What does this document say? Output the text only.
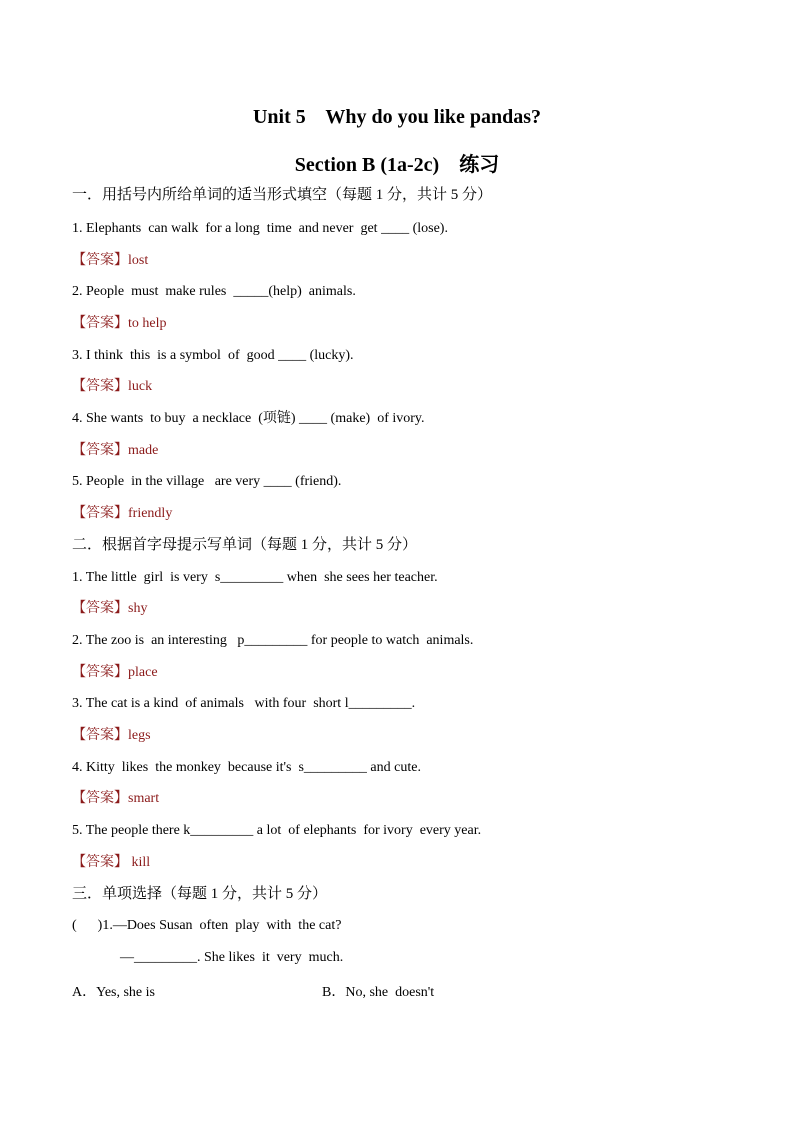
Unit 5    Why do you like pandas?
Section B (1a-2c)    练习
一．用括号内所给单词的适当形式填空（每题 1 分，共计 5 分）
1. Elephants  can walk  for a long  time  and never  get ____ (lose).
【答案】lost
2. People  must  make rules  _____(help)  animals.
【答案】to help
3. I think  this  is a symbol  of  good ____ (lucky).
【答案】luck
4. She wants  to buy  a necklace  (项链) ____ (make)  of ivory.
【答案】made
5. People  in the village   are very ____ (friend).
【答案】friendly
二．根据首字母提示写单词（每题 1 分，共计 5 分）
1. The little  girl  is very  s_________ when  she sees her teacher.
【答案】shy
2. The zoo is  an interesting   p_________ for people to watch  animals.
【答案】place
3. The cat is a kind  of animals   with four  short l_________.
【答案】legs
4. Kitty  likes  the monkey  because it's  s_________ and cute.
【答案】smart
5. The people there k_________ a lot  of elephants  for ivory  every year.
【答案】 kill
三．单项选择（每题 1 分，共计 5 分）
(      )1.—Does Susan  often  play  with  the cat?
—_________. She likes  it  very  much.
A．Yes, she is	B．No, she  doesn't
